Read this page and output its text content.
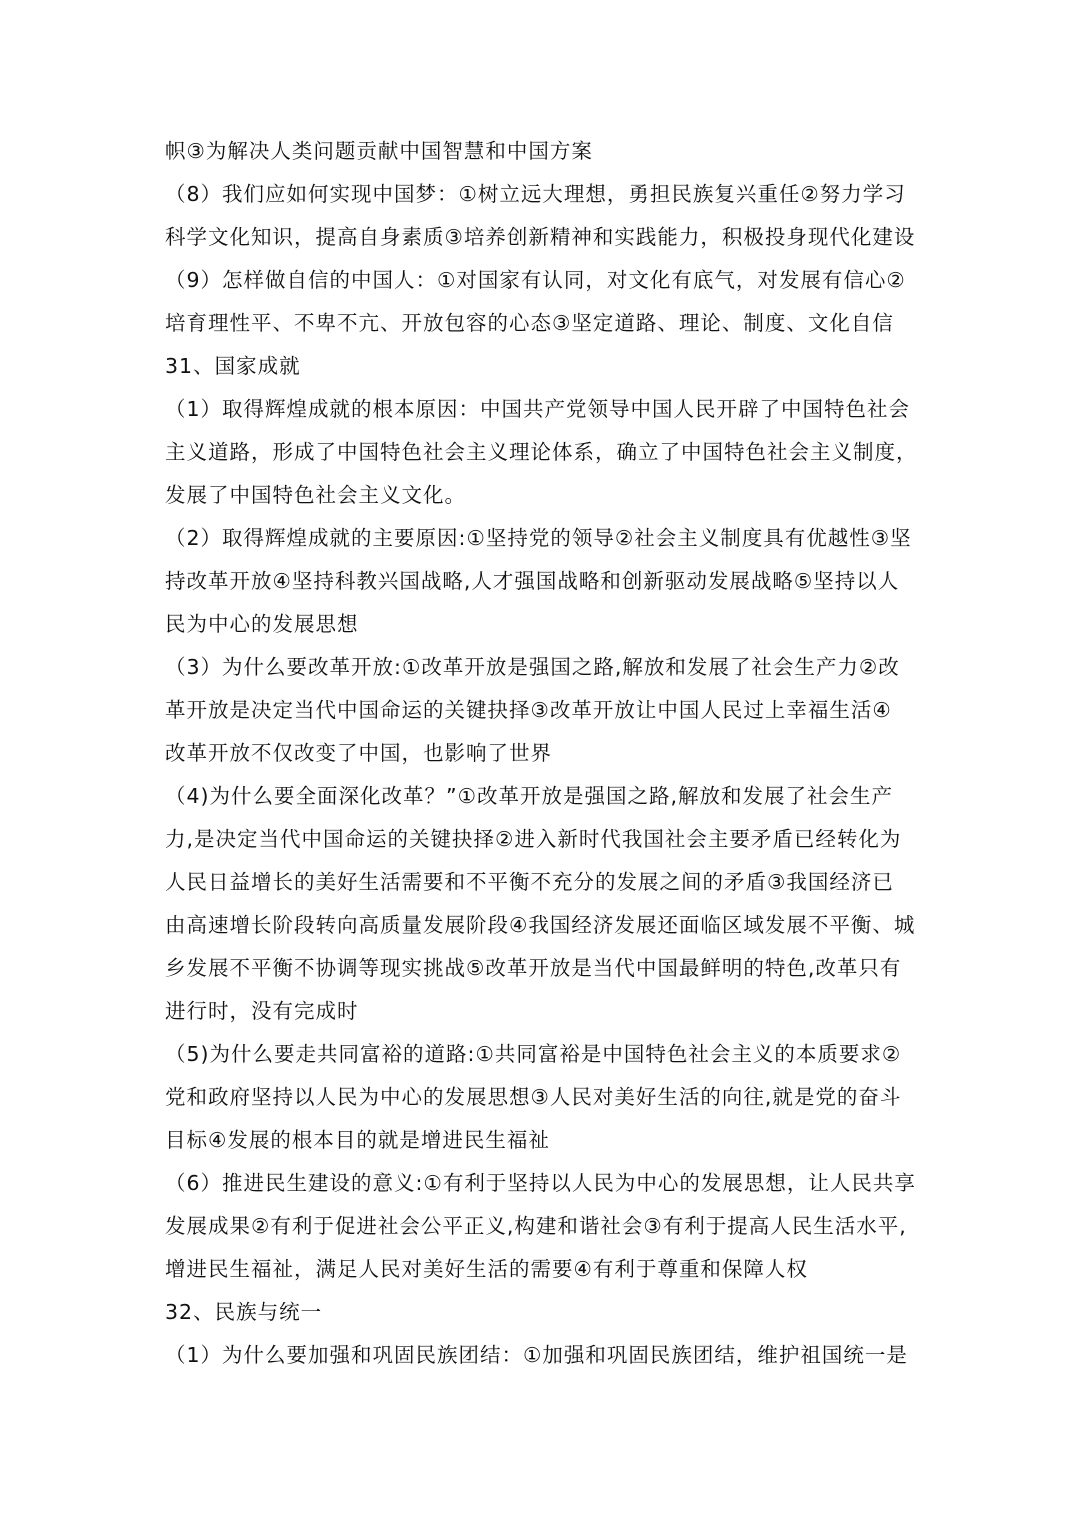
帜③为解决人类问题贡献中国智慧和中国方案
（8）我们应如何实现中国梦：①树立远大理想，勇担民族复兴重任②努力学习
科学文化知识，提高自身素质③培养创新精神和实践能力，积极投身现代化建设
（9）怎样做自信的中国人：①对国家有认同，对文化有底气，对发展有信心②
培育理性平、不卑不亢、开放包容的心态③坚定道路、理论、制度、文化自信
31、国家成就
（1）取得辉煌成就的根本原因：中国共产党领导中国人民开辟了中国特色社会
主义道路，形成了中国特色社会主义理论体系，确立了中国特色社会主义制度，
发展了中国特色社会主义文化。
（2）取得辉煌成就的主要原因:①坚持党的领导②社会主义制度具有优越性③坚
持改革开放④坚持科教兴国战略,人才强国战略和创新驱动发展战略⑤坚持以人
民为中心的发展思想
（3）为什么要改革开放:①改革开放是强国之路,解放和发展了社会生产力②改
革开放是决定当代中国命运的关键抉择③改革开放让中国人民过上幸福生活④
改革开放不仅改变了中国，也影响了世界
（4)为什么要全面深化改革？”①改革开放是强国之路,解放和发展了社会生产
力,是决定当代中国命运的关键抉择②进入新时代我国社会主要矛盾已经转化为
人民日益增长的美好生活需要和不平衡不充分的发展之间的矛盾③我国经济已
由高速增长阶段转向高质量发展阶段④我国经济发展还面临区域发展不平衡、城
乡发展不平衡不协调等现实挑战⑤改革开放是当代中国最鲜明的特色,改革只有
进行时，没有完成时
（5)为什么要走共同富裕的道路:①共同富裕是中国特色社会主义的本质要求②
党和政府坚持以人民为中心的发展思想③人民对美好生活的向往,就是党的奋斗
目标④发展的根本目的就是增进民生福祉
（6）推进民生建设的意义:①有利于坚持以人民为中心的发展思想，让人民共享
发展成果②有利于促进社会公平正义,构建和谐社会③有利于提高人民生活水平,
增进民生福祉，满足人民对美好生活的需要④有利于尊重和保障人权
32、民族与统一
（1）为什么要加强和巩固民族团结：①加强和巩固民族团结，维护祖国统一是
